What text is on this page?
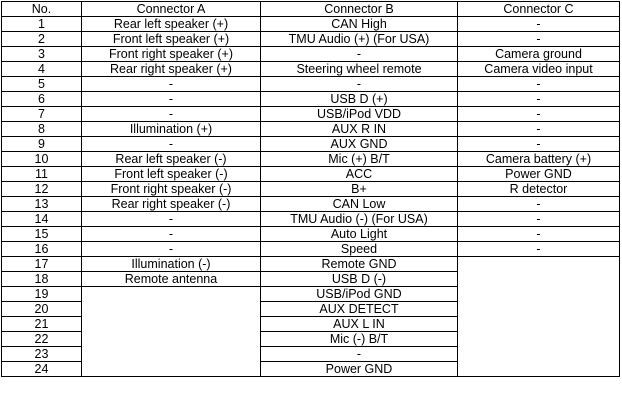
No.	Connector A	Connector B	Connector C
1	Rear left speaker (+)	CAN High	-
2	Front left speaker (+)	TMU Audio (+) (For USA)	-
3	Front right speaker (+)	-	Camera ground
4	Rear right speaker (+)	Steering wheel remote	Camera video input
5	-	-	-
6	-	USB D (+)	-
7	-	USB/iPod VDD	-
8	Illumination (+)	AUX R IN	-
9	-	AUX GND	-
10	Rear left speaker (-)	Mic (+) B/T	Camera battery (+)
11	Front left speaker (-)	ACC	Power GND
12	Front right speaker (-)	B+	R detector
13	Rear right speaker (-)	CAN Low	-
14	-	TMU Audio (-) (For USA)	-
15	-	Auto Light	-
16	-	Speed	-
17	Illumination (-)	Remote GND	
18	Remote antenna	USB D (-)	
19		USB/iPod GND	
20		AUX DETECT	
21		AUX L IN	
22		Mic (-) B/T	
23		-	
24		Power GND	
